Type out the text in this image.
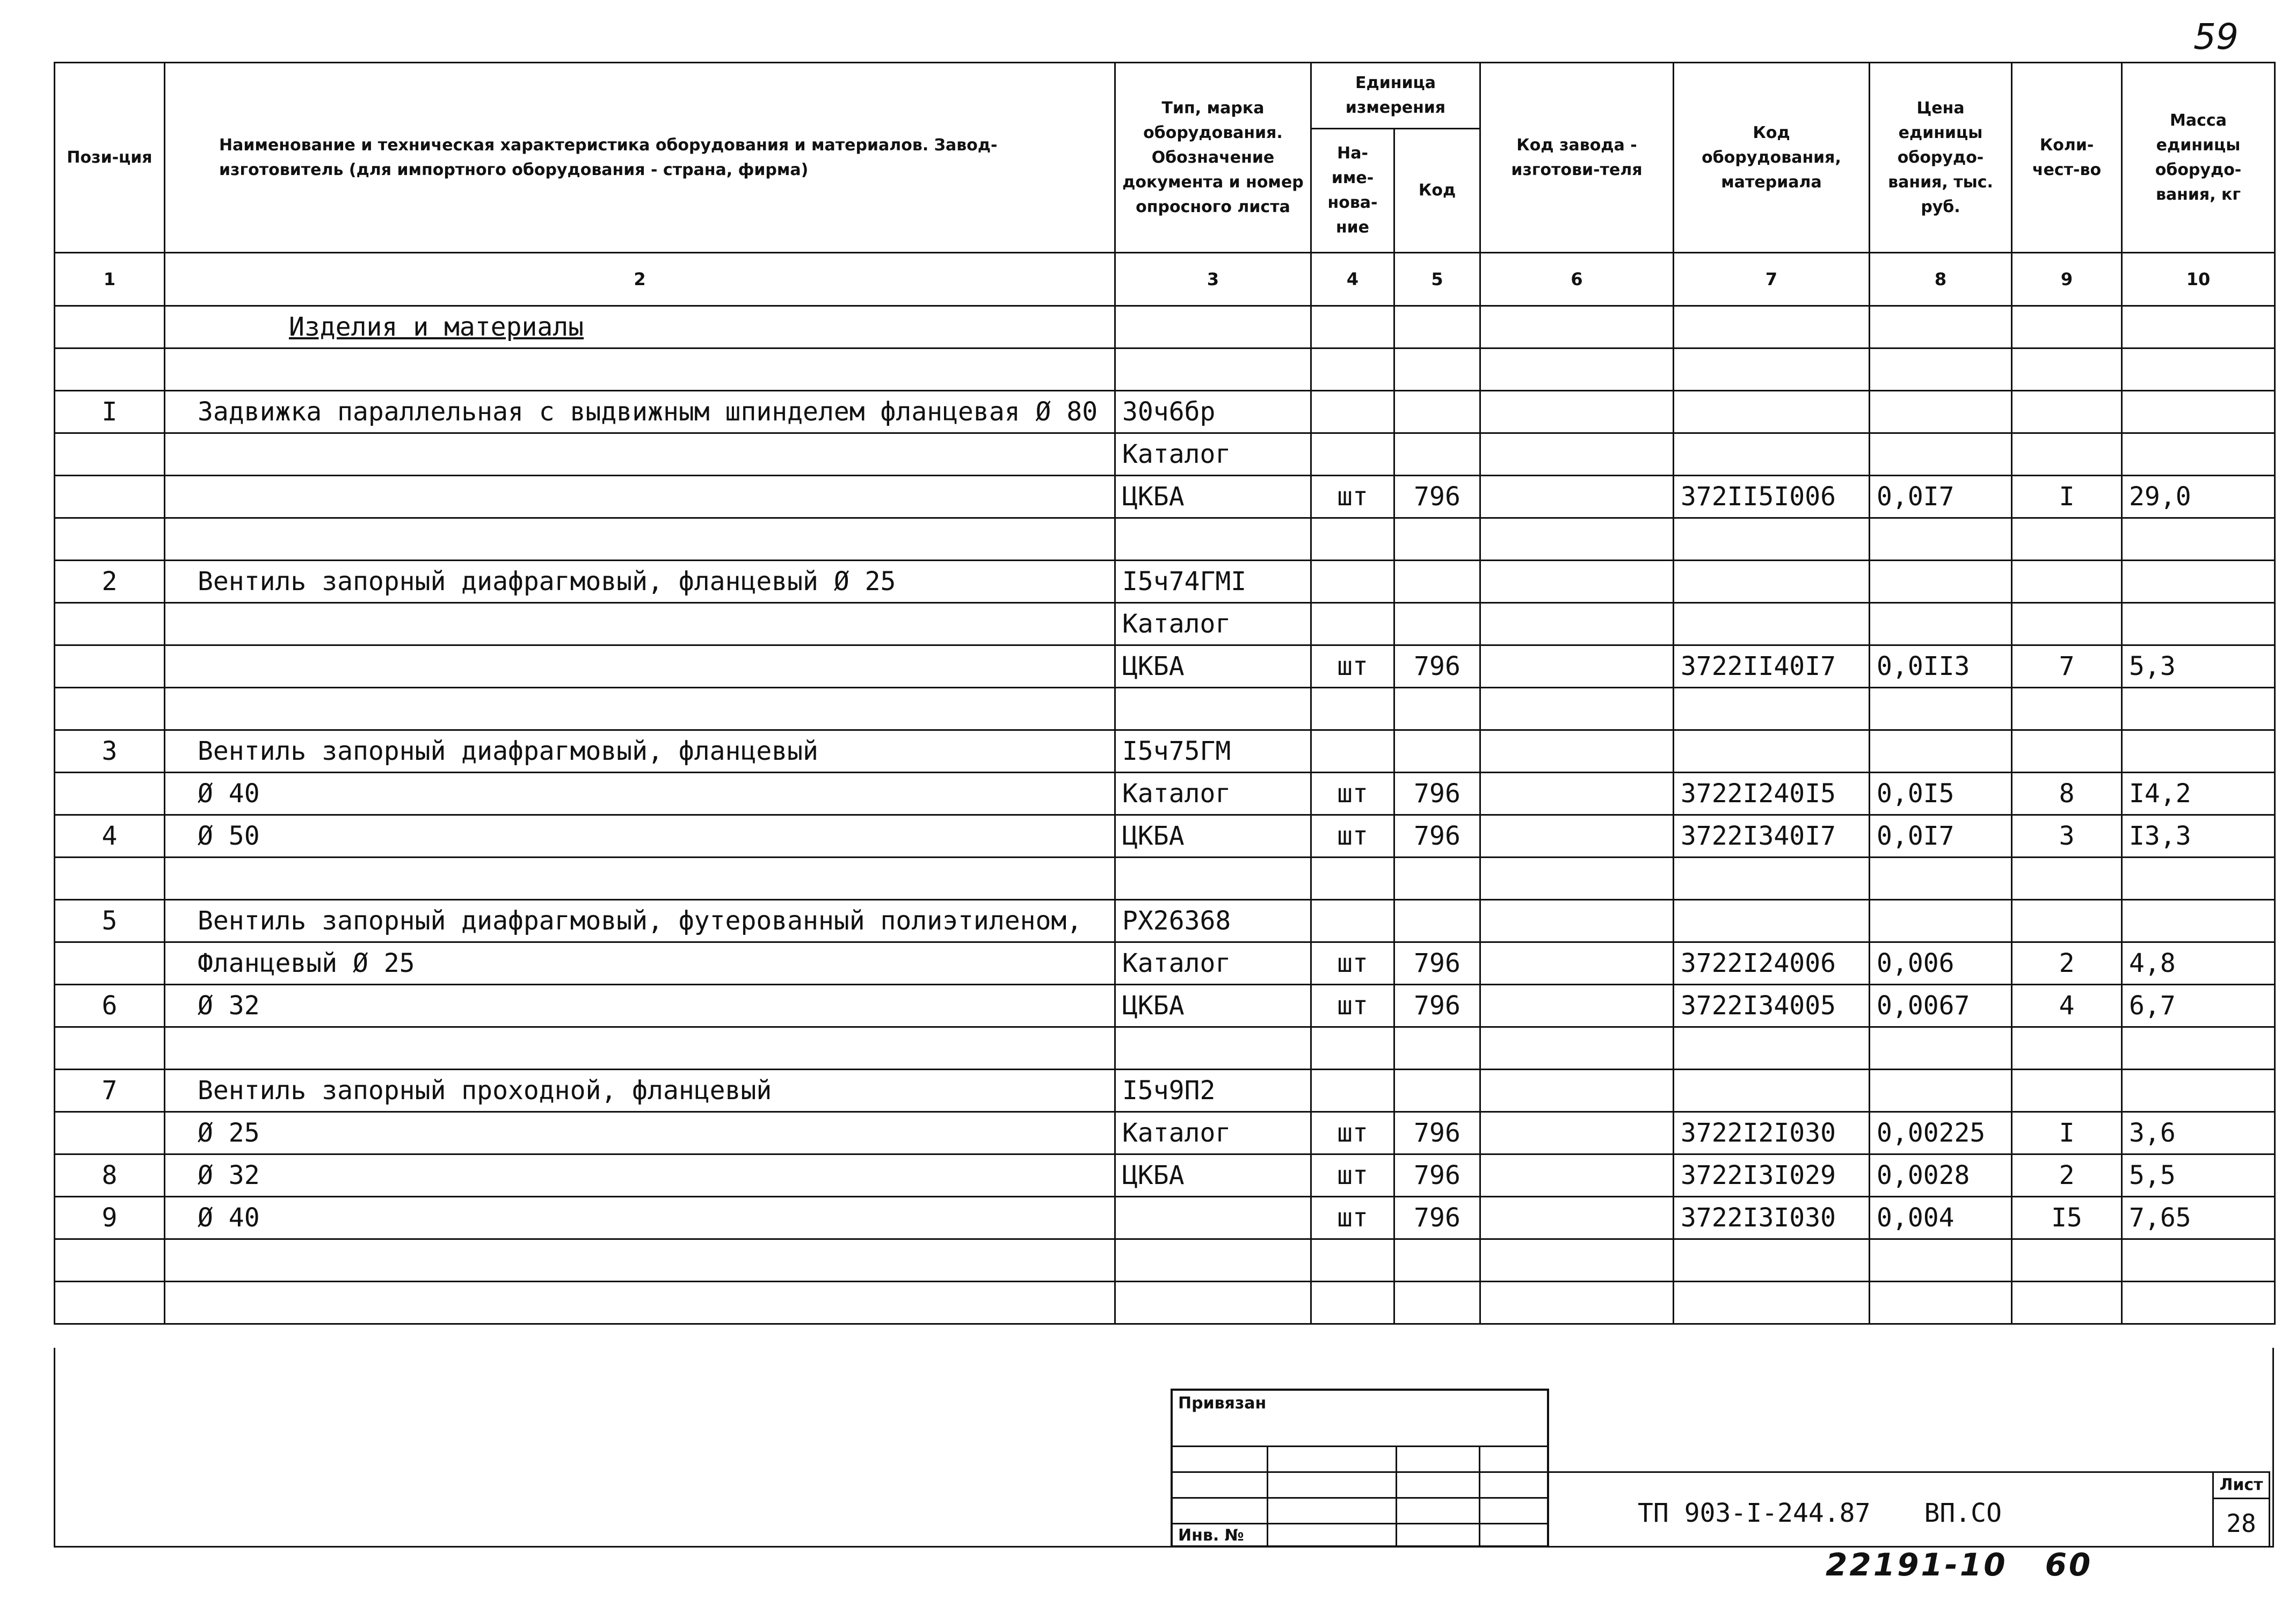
59
Пози-ция	Наименование и техническая характеристика оборудования и материалов. Завод-изготовитель (для импортного оборудования - страна, фирма)	Тип, марка оборудования. Обозначение документа и номер опросного листа	Единица измерения		Код завода - изготови-теля	Код оборудования, материала	Цена единицы оборудо-вания, тыс. руб.	Коли-чест-во	Масса единицы оборудо-вания, кг
			На-име-нова-ние	Код					
1	2	3	4	5	6	7	8	9	10
	Изделия и материалы								

I	Задвижка параллельная с выдвижным шпинделем фланцевая Ø 80	30ч6бр							
		Каталог							
		ЦКБА	шт	796		372II5I006	0,0I7	I	29,0

2	Вентиль запорный диафрагмовый, фланцевый Ø 25	I5ч74ГМI							
		Каталог							
		ЦКБА	шт	796		3722II40I7	0,0II3	7	5,3

3	Вентиль запорный диафрагмовый, фланцевый	I5ч75ГМ							
	Ø 40	Каталог	шт	796		3722I240I5	0,0I5	8	I4,2
4	Ø 50	ЦКБА	шт	796		3722I340I7	0,0I7	3	I3,3

5	Вентиль запорный диафрагмовый, футерованный полиэтиленом,	РХ26368							
	Фланцевый Ø 25	Каталог	шт	796		3722I24006	0,006	2	4,8
6	Ø 32	ЦКБА	шт	796		3722I34005	0,0067	4	6,7

7	Вентиль запорный проходной, фланцевый	I5ч9П2							
	Ø 25	Каталог	шт	796		3722I2I030	0,00225	I	3,6
8	Ø 32	ЦКБА	шт	796		3722I3I029	0,0028	2	5,5
9	Ø 40		шт	796		3722I3I030	0,004	I5	7,65

Привязан
Инв. №
ТП 903-I-244.87 ВП.СО
Лист
28
22191-10 60
